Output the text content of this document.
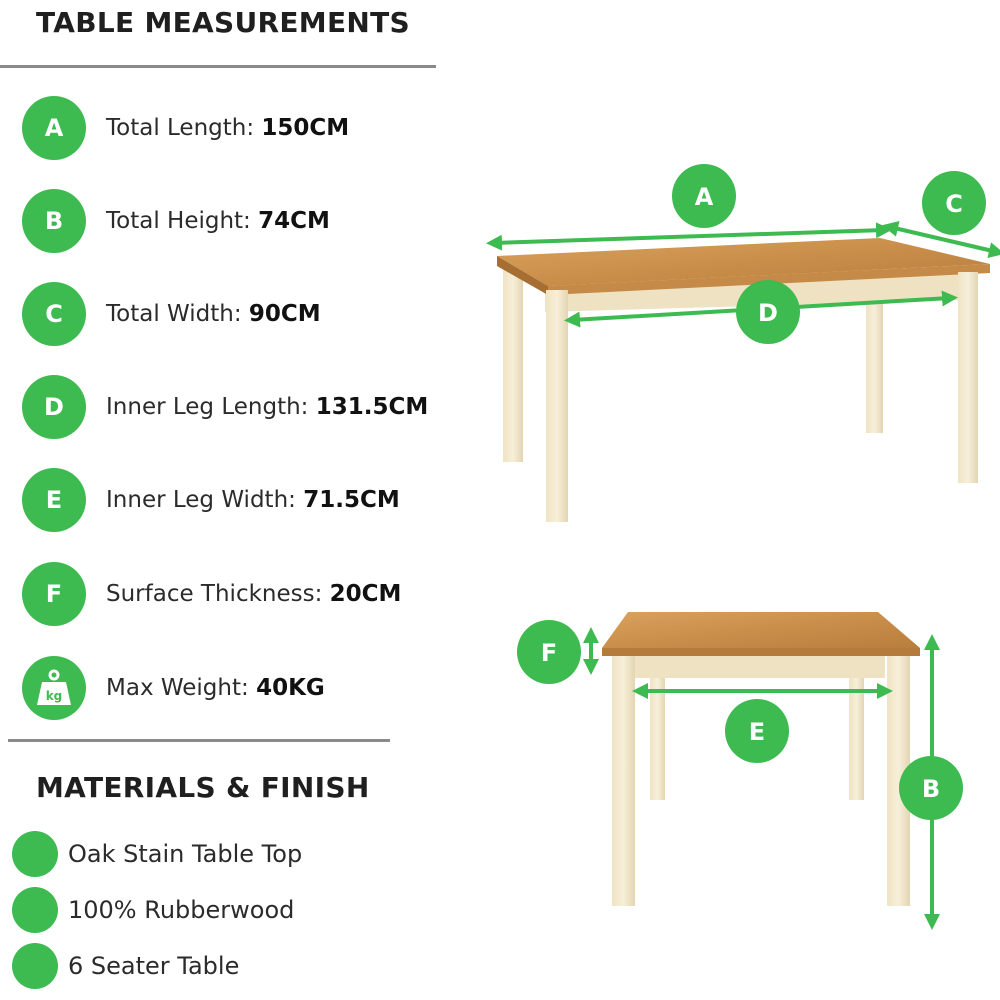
TABLE MEASUREMENTS
A	Total Length: 150CM
B	Total Height: 74CM
C	Total Width: 90CM
D	Inner Leg Length: 131.5CM
E	Inner Leg Width: 71.5CM
F	Surface Thickness: 20CM
kg Max Weight: 40KG
MATERIALS & FINISH
Oak Stain Table Top
100% Rubberwood
6 Seater Table
A	C
D
F
E
B
